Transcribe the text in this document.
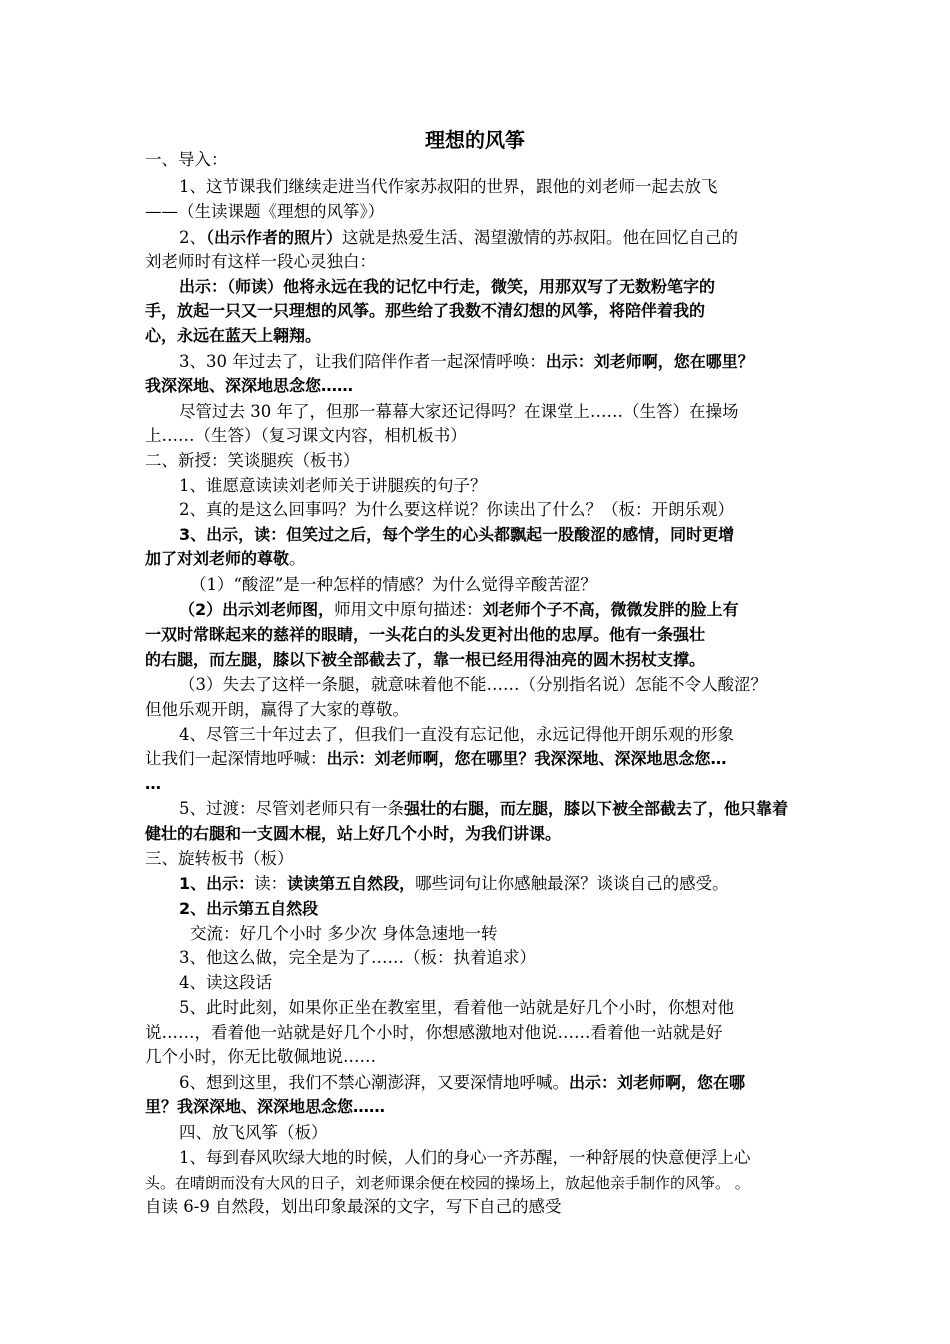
理想的风筝
一、导入：
1、这节课我们继续走进当代作家苏叔阳的世界，跟他的刘老师一起去放飞
——（生读课题《理想的风筝》）
2、（出示作者的照片）这就是热爱生活、渴望激情的苏叔阳。他在回忆自己的
刘老师时有这样一段心灵独白：
出示：（师读）他将永远在我的记忆中行走，微笑，用那双写了无数粉笔字的
手，放起一只又一只理想的风筝。那些给了我数不清幻想的风筝，将陪伴着我的
心，永远在蓝天上翱翔。
3、30 年过去了，让我们陪伴作者一起深情呼唤：出示：刘老师啊，您在哪里？
我深深地、深深地思念您……
尽管过去 30 年了，但那一幕幕大家还记得吗？在课堂上……（生答）在操场
上……（生答）（复习课文内容，相机板书）
二、新授：笑谈腿疾（板书）
1、谁愿意读读刘老师关于讲腿疾的句子？
2、真的是这么回事吗？为什么要这样说？你读出了什么？（板：开朗乐观）
3、出示，读：但笑过之后，每个学生的心头都飘起一股酸涩的感情，同时更增
加了对刘老师的尊敬。
（1）“酸涩”是一种怎样的情感？为什么觉得辛酸苦涩？
（2）出示刘老师图，师用文中原句描述：刘老师个子不高，微微发胖的脸上有
一双时常眯起来的慈祥的眼睛，一头花白的头发更衬出他的忠厚。他有一条强壮
的右腿，而左腿，膝以下被全部截去了，靠一根已经用得油亮的圆木拐杖支撑。
（3）失去了这样一条腿，就意味着他不能……（分别指名说）怎能不令人酸涩？
但他乐观开朗，赢得了大家的尊敬。
4、尽管三十年过去了，但我们一直没有忘记他，永远记得他开朗乐观的形象
让我们一起深情地呼喊：出示：刘老师啊，您在哪里？我深深地、深深地思念您…
…
5、过渡：尽管刘老师只有一条强壮的右腿，而左腿，膝以下被全部截去了，他只靠着
健壮的右腿和一支圆木棍，站上好几个小时，为我们讲课。
三、旋转板书（板）
1、出示：读：读读第五自然段，哪些词句让你感触最深？谈谈自己的感受。
2、出示第五自然段
交流：好几个小时 多少次 身体急速地一转
3、他这么做，完全是为了……（板：执着追求）
4、读这段话
5、此时此刻，如果你正坐在教室里，看着他一站就是好几个小时，你想对他
说……，看着他一站就是好几个小时，你想感激地对他说……看着他一站就是好
几个小时，你无比敬佩地说……
6、想到这里，我们不禁心潮澎湃，又要深情地呼喊。出示：刘老师啊，您在哪
里？我深深地、深深地思念您……
四、放飞风筝（板）
1、每到春风吹绿大地的时候，人们的身心一齐苏醒，一种舒展的快意便浮上心
头。在晴朗而没有大风的日子，刘老师课余便在校园的操场上，放起他亲手制作的风筝。 。
自读 6-9 自然段，划出印象最深的文字，写下自己的感受
